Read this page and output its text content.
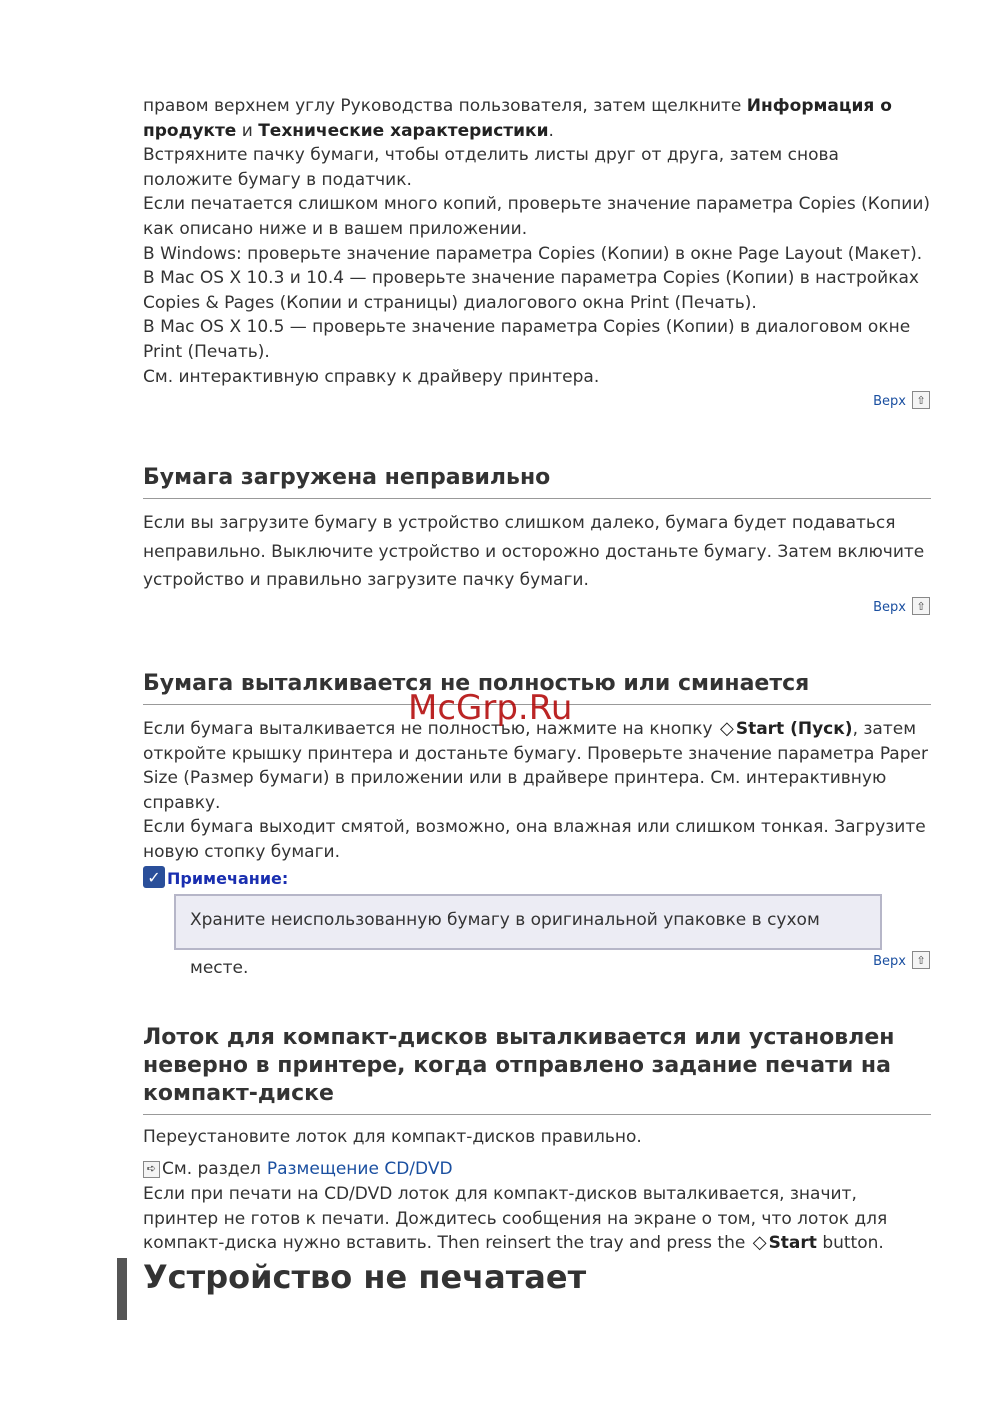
правом верхнем углу Руководства пользователя, затем щелкните Информация о продукте и Технические характеристики.
Встряхните пачку бумаги, чтобы отделить листы друг от друга, затем снова положите бумагу в податчик.
Если печатается слишком много копий, проверьте значение параметра Copies (Копии) как описано ниже и в вашем приложении.
В Windows: проверьте значение параметра Copies (Копии) в окне Page Layout (Макет).
В Mac OS X 10.3 и 10.4 — проверьте значение параметра Copies (Копии) в настройках Copies & Pages (Копии и страницы) диалогового окна Print (Печать).
В Mac OS X 10.5 — проверьте значение параметра Copies (Копии) в диалоговом окне Print (Печать).
См. интерактивную справку к драйверу принтера.

Верх ⇧
Бумага загружена неправильно

Если вы загрузите бумагу в устройство слишком далеко, бумага будет подаваться неправильно. Выключите устройство и осторожно достаньте бумагу. Затем включите устройство и правильно загрузите пачку бумаги.

Верх ⇧
Бумага выталкивается не полностью или сминается

Если бумага выталкивается не полностью, нажмите на кнопку ◇ Start (Пуск), затем откройте крышку принтера и достаньте бумагу. Проверьте значение параметра Paper Size (Размер бумаги) в приложении или в драйвере принтера. См. интерактивную справку.
Если бумага выходит смятой, возможно, она влажная или слишком тонкая. Загрузите новую стопку бумаги.

McGrp.Ru
✓ Примечание:
Храните неиспользованную бумагу в оригинальной упаковке в сухом месте.	Верх ⇧
Лоток для компакт-дисков выталкивается или установлен неверно в принтере, когда отправлено задание печати на компакт-диске

Переустановите лоток для компакт-дисков правильно.

➪ См. раздел Размещение CD/DVD

Если при печати на CD/DVD лоток для компакт-дисков выталкивается, значит, принтер не готов к печати. Дождитесь сообщения на экране о том, что лоток для компакт-диска нужно вставить. Then reinsert the tray and press the ◇ Start button.

Устройство не печатает
